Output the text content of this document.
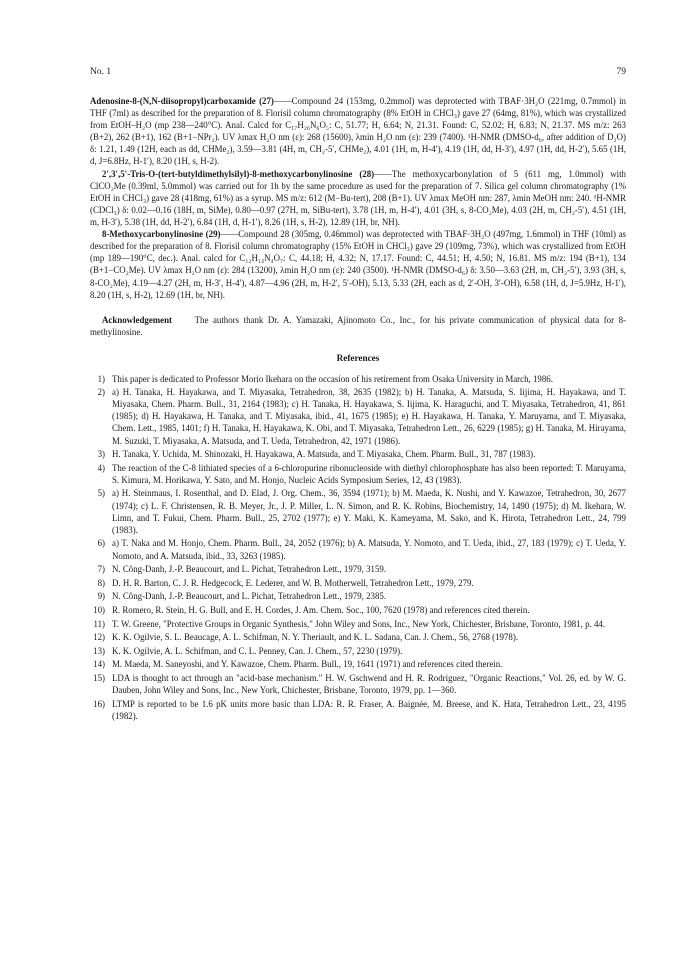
No. 1	79

Adenosine-8-(N,N-diisopropyl)carboxamide (27)——Compound 24 (153mg, 0.2mmol) was deprotected with TBAF·3H₂O (221mg, 0.7mmol) in THF (7ml) as described for the preparation of 8. Florisil column chromatography (8% EtOH in CHCl₃) gave 27 (64mg, 81%), which was crystallized from EtOH–H₂O (mp 238—240°C). Anal. Calcd for C₁₇H₂₆N₆O₅: C, 51.77; H, 6.64; N, 21.31. Found: C, 52.02; H, 6.83; N, 21.37. MS m/z: 263 (B+2), 262 (B+1), 162 (B+1−NPr₂). UV λmax H₂O nm (ε): 268 (15600), λmin H₂O nm (ε): 239 (7400). ¹H-NMR (DMSO-d₆, after addition of D₂O) δ: 1.21, 1.49 (12H, each as dd, CHMe₂), 3.59—3.81 (4H, m, CH₂-5′, CHMe₂), 4.01 (1H, m, H-4′), 4.19 (1H, dd, H-3′), 4.97 (1H, dd, H-2′), 5.65 (1H, d, J=6.8Hz, H-1′), 8.20 (1H, s, H-2).

2′,3′,5′-Tris-O-(tert-butyldimethylsilyl)-8-methoxycarbonylinosine (28)——The methoxycarbonylation of 5 (611 mg, 1.0mmol) with ClCO₂Me (0.39ml, 5.0mmol) was carried out for 1h by the same procedure as used for the preparation of 7. Silica gel column chromatography (1% EtOH in CHCl₃) gave 28 (418mg, 61%) as a syrup. MS m/z: 612 (M−Bu-tert), 208 (B+1). UV λmax MeOH nm: 287, λmin MeOH nm: 240. ¹H-NMR (CDCl₃) δ: 0.02—0.16 (18H, m, SiMe), 0.80—0.97 (27H, m, SiBu-tert), 3.78 (1H, m, H-4′), 4.01 (3H, s, 8-CO₂Me), 4.03 (2H, m, CH₂-5′), 4.51 (1H, m, H-3′), 5.38 (1H, dd, H-2′), 6.84 (1H, d, H-1′), 8.26 (1H, s, H-2), 12.89 (1H, br, NH).

8-Methoxycarbonylinosine (29)——Compound 28 (305mg, 0.46mmol) was deprotected with TBAF·3H₂O (497mg, 1.6mmol) in THF (10ml) as described for the preparation of 8. Florisil column chromatography (15% EtOH in CHCl₃) gave 29 (109mg, 73%), which was crystallized from EtOH (mp 189—190°C, dec.). Anal. calcd for C₁₂H₁₄N₄O₇: C, 44.18; H, 4.32; N, 17.17. Found: C, 44.51; H, 4.50; N, 16.81. MS m/z: 194 (B+1), 134 (B+1−CO₂Me). UV λmax H₂O nm (ε): 284 (13200), λmin H₂O nm (ε): 240 (3500). ¹H-NMR (DMSO-d₆) δ: 3.50—3.63 (2H, m, CH₂-5′), 3.93 (3H, s, 8-CO₂Me), 4.19—4.27 (2H, m, H-3′, H-4′), 4.87—4.96 (2H, m, H-2′, 5′-OH), 5.13, 5.33 (2H, each as d, 2′-OH, 3′-OH), 6.58 (1H, d, J=5.9Hz, H-1′), 8.20 (1H, s, H-2), 12.69 (1H, br, NH).

Acknowledgement	The authors thank Dr. A. Yamazaki, Ajinomoto Co., Inc., for his private communication of physical data for 8-methylinosine.

References
1) This paper is dedicated to Professor Morio Ikehara on the occasion of his retirement from Osaka University in March, 1986.
2) a) H. Tanaka, H. Hayakawa, and T. Miyasaka, Tetrahedron, 38, 2635 (1982); b) H. Tanaka, A. Matsuda, S. Iijima, H. Hayakawa, and T. Miyasaka, Chem. Pharm. Bull., 31, 2164 (1983); c) H. Tanaka, H. Hayakawa, S. Iijima, K. Haraguchi, and T. Miyasaka, Tetrahedron, 41, 861 (1985); d) H. Hayakawa, H. Tanaka, and T. Miyasaka, ibid., 41, 1675 (1985); e) H. Hayakawa, H. Tanaka, Y. Maruyama, and T. Miyasaka, Chem. Lett., 1985, 1401; f) H. Tanaka, H. Hayakawa, K. Obi, and T. Miyasaka, Tetrahedron Lett., 26, 6229 (1985); g) H. Tanaka, M. Hirayama, M. Suzuki, T. Miyasaka, A. Matsuda, and T. Ueda, Tetrahedron, 42, 1971 (1986).
3) H. Tanaka, Y. Uchida, M. Shinozaki, H. Hayakawa, A. Matsuda, and T. Miyasaka, Chem. Pharm. Bull., 31, 787 (1983).
4) The reaction of the C-8 lithiated species of a 6-chloropurine ribonucleoside with diethyl chlorophosphate has also been reported: T. Maruyama, S. Kimura, M. Horikawa, Y. Sato, and M. Honjo, Nucleic Acids Symposium Series, 12, 43 (1983).
5) a) H. Steinmaus, I. Rosenthal, and D. Elad, J. Org. Chem., 36, 3594 (1971); b) M. Maeda, K. Nushi, and Y. Kawazoe, Tetrahedron, 30, 2677 (1974); c) L. F. Christensen, R. B. Meyer, Jr., J. P. Miller, L. N. Simon, and R. K. Robins, Biochemistry, 14, 1490 (1975); d) M. Ikehara, W. Limn, and T. Fukui, Chem. Pharm. Bull., 25, 2702 (1977); e) Y. Maki, K. Kameyama, M. Sako, and K. Hirota, Tetrahedron Lett., 24, 799 (1983).
6) a) T. Naka and M. Honjo, Chem. Pharm. Bull., 24, 2052 (1976); b) A. Matsuda, Y. Nomoto, and T. Ueda, ibid., 27, 183 (1979); c) T. Ueda, Y. Nomoto, and A. Matsuda, ibid., 33, 3263 (1985).
7) N. Công-Danh, J.-P. Beaucourt, and L. Pichat, Tetrahedron Lett., 1979, 3159.
8) D. H. R. Barton, C. J. R. Hedgecock, E. Lederer, and W. B. Motherwell, Tetrahedron Lett., 1979, 279.
9) N. Công-Danh, J.-P. Beaucourt, and L. Pichat, Tetrahedron Lett., 1979, 2385.
10) R. Romero, R. Stein, H. G. Bull, and E. H. Cordes, J. Am. Chem. Soc., 100, 7620 (1978) and references cited therein.
11) T. W. Greene, "Protective Groups in Organic Synthesis," John Wiley and Sons, Inc., New York, Chichester, Brisbane, Toronto, 1981, p. 44.
12) K. K. Ogilvie, S. L. Beaucage, A. L. Schifman, N. Y. Theriault, and K. L. Sadana, Can. J. Chem., 56, 2768 (1978).
13) K. K. Ogilvie, A. L. Schifman, and C. L. Penney, Can. J. Chem., 57, 2230 (1979).
14) M. Maeda, M. Saneyoshi, and Y. Kawazoe, Chem. Pharm. Bull., 19, 1641 (1971) and references cited therein.
15) LDA is thought to act through an "acid-base mechanism." H. W. Gschwend and H. R. Rodriguez, "Organic Reactions," Vol. 26, ed. by W. G. Dauben, John Wiley and Sons, Inc., New York, Chichester, Brisbane, Toronto, 1979, pp. 1—360.
16) LTMP is reported to be 1.6 pK units more basic than LDA: R. R. Fraser, A. Baignée, M. Breese, and K. Hata, Tetrahedron Lett., 23, 4195 (1982).
